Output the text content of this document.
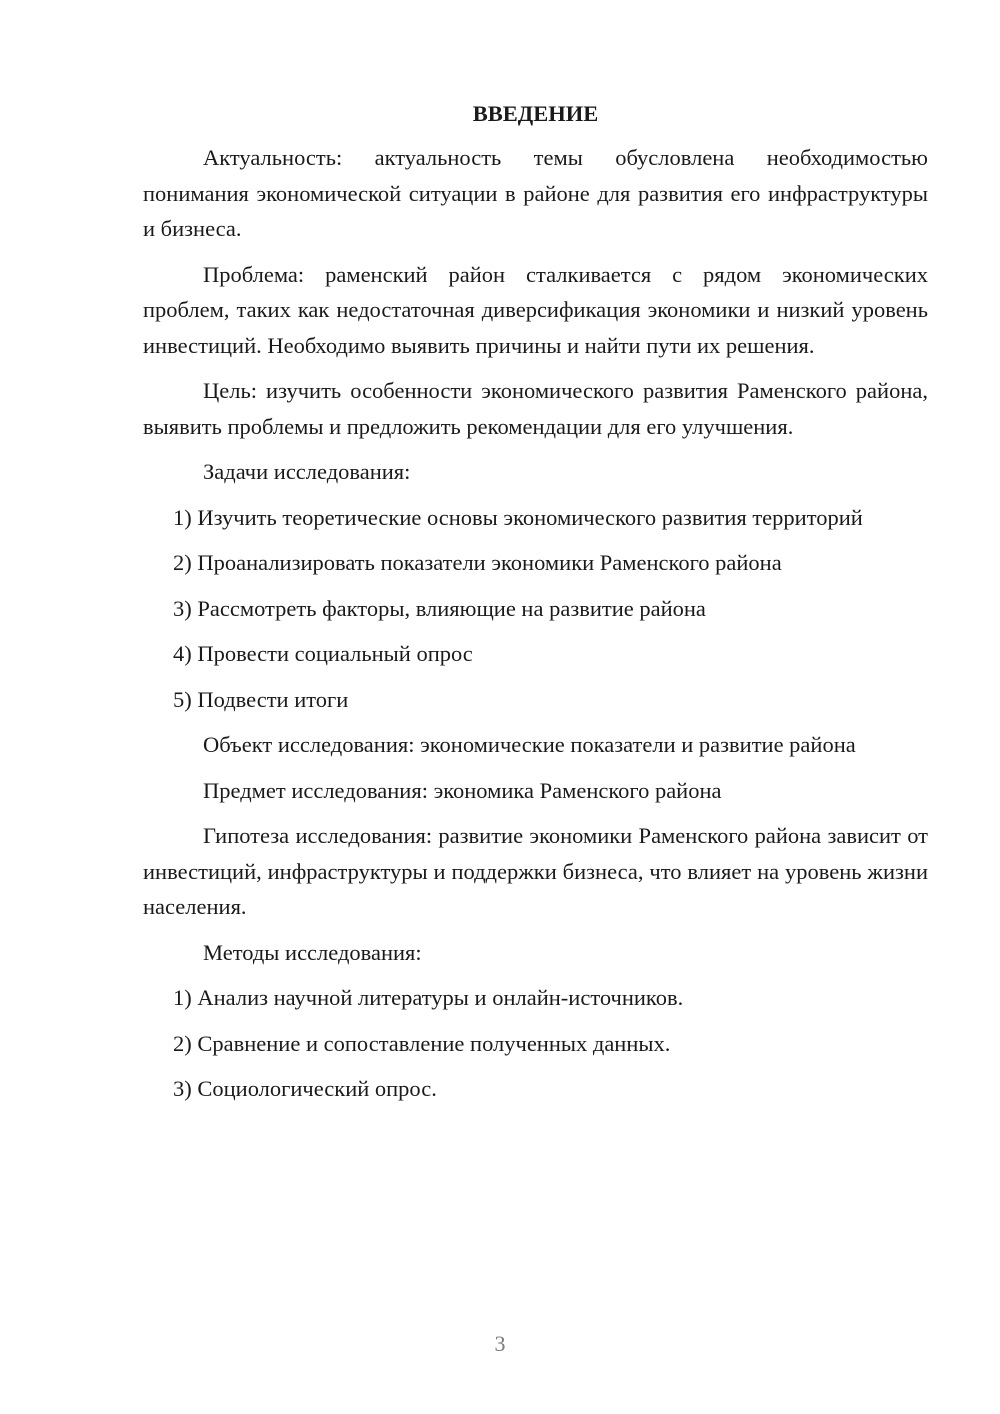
ВВЕДЕНИЕ

Актуальность: актуальность темы обусловлена необходимостью понимания экономической ситуации в районе для развития его инфраструктуры и бизнеса.

Проблема: раменский район сталкивается с рядом экономических проблем, таких как недостаточная диверсификация экономики и низкий уровень инвестиций. Необходимо выявить причины и найти пути их решения.

Цель: изучить особенности экономического развития Раменского района, выявить проблемы и предложить рекомендации для его улучшения.

Задачи исследования:

1) Изучить теоретические основы экономического развития территорий

2) Проанализировать показатели экономики Раменского района

3) Рассмотреть факторы, влияющие на развитие района

4) Провести социальный опрос

5) Подвести итоги

Объект исследования: экономические показатели и развитие района

Предмет исследования: экономика Раменского района

Гипотеза исследования: развитие экономики Раменского района зависит от инвестиций, инфраструктуры и поддержки бизнеса, что влияет на уровень жизни населения.

Методы исследования:

1) Анализ научной литературы и онлайн-источников.

2) Сравнение и сопоставление полученных данных.

3) Социологический опрос.

3
